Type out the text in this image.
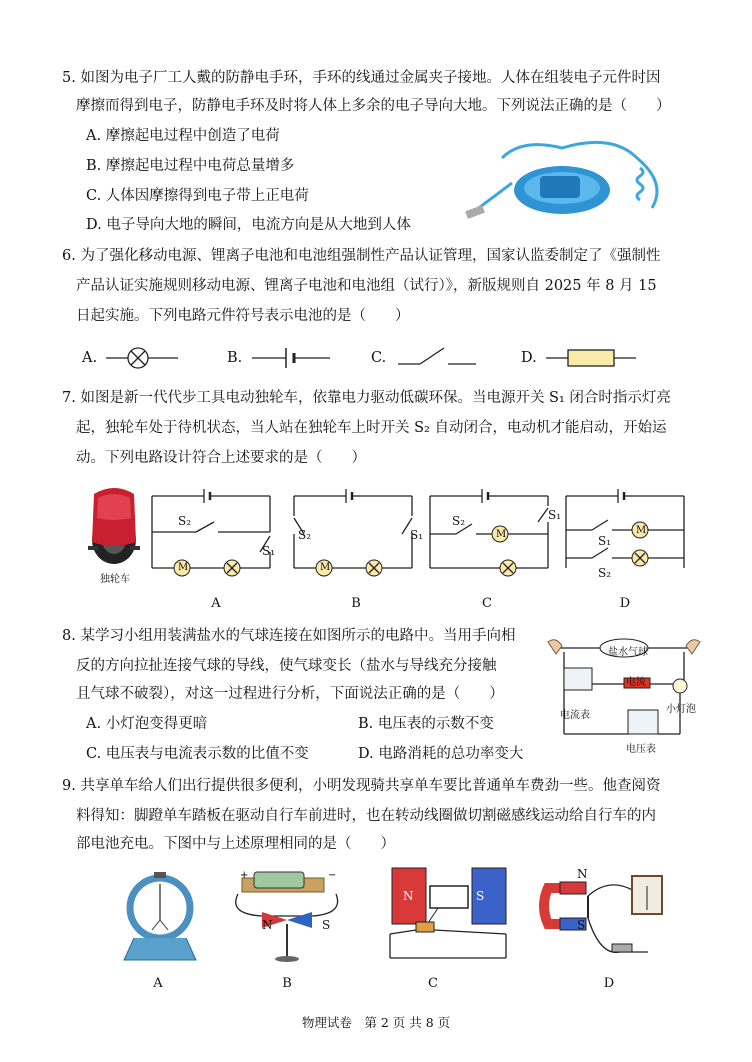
5. 如图为电子厂工人戴的防静电手环，手环的线通过金属夹子接地。人体在组装电子元件时因
摩擦而得到电子，防静电手环及时将人体上多余的电子导向大地。下列说法正确的是（　　）
A. 摩擦起电过程中创造了电荷
B. 摩擦起电过程中电荷总量增多
C. 人体因摩擦得到电子带上正电荷
D. 电子导向大地的瞬间，电流方向是从大地到人体
6. 为了强化移动电源、锂离子电池和电池组强制性产品认证管理，国家认监委制定了《强制性
产品认证实施规则移动电源、锂离子电池和电池组（试行）》，新版规则自 2025 年 8 月 15
日起实施。下列电路元件符号表示电池的是（　　）
A.	B.	C.	D.
7. 如图是新一代代步工具电动独轮车，依靠电力驱动低碳环保。当电源开关 S₁ 闭合时指示灯亮
起，独轮车处于待机状态，当人站在独轮车上时开关 S₂ 自动闭合，电动机才能启动，开始运
动。下列电路设计符合上述要求的是（　　）
独轮车
S₂
S₁
M
S₂	S₁
M
S₂	S₁
M	S₁
S₂
M
A	B	C	D
8. 某学习小组用装满盐水的气球连接在如图所示的电路中。当用手向相
反的方向拉扯连接气球的导线，使气球变长（盐水与导线充分接触
且气球不破裂），对这一过程进行分析，下面说法正确的是（　　）
A. 小灯泡变得更暗	B. 电压表的示数不变
C. 电压表与电流表示数的比值不变	D. 电路消耗的总功率变大
盐水气球
电流
电流表
小灯泡
电压表
9. 共享单车给人们出行提供很多便利，小明发现骑共享单车要比普通单车费劲一些。他查阅资
料得知：脚蹬单车踏板在驱动自行车前进时，也在转动线圈做切割磁感线运动给自行车的内
部电池充电。下图中与上述原理相同的是（　　）
+	−
N	S
N	S
N
S
A	B	C	D
物理试卷　第 2 页 共 8 页
